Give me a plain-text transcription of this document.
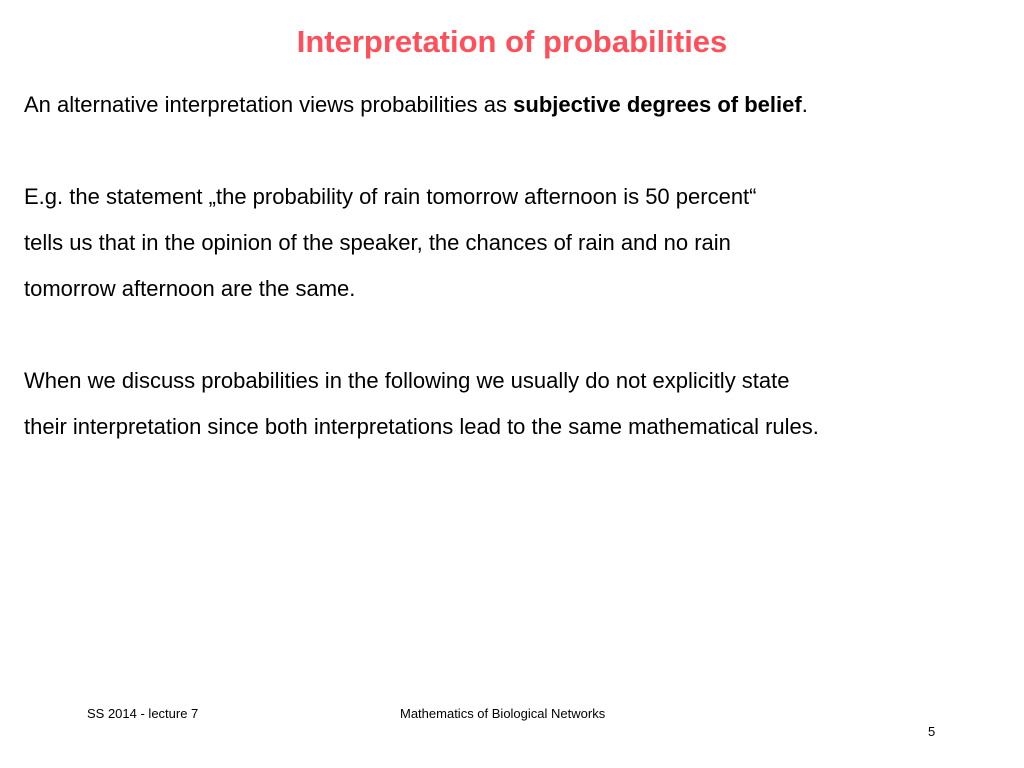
Interpretation of probabilities
An alternative interpretation views probabilities as subjective degrees of belief.
E.g. the statement „the probability of rain tomorrow afternoon is 50 percent“
tells us that in the opinion of the speaker, the chances of rain and no rain
tomorrow afternoon are the same.
When we discuss probabilities in the following we usually do not explicitly state
their interpretation since both interpretations lead to the same mathematical rules.
SS 2014 - lecture 7	Mathematics of Biological Networks
5
